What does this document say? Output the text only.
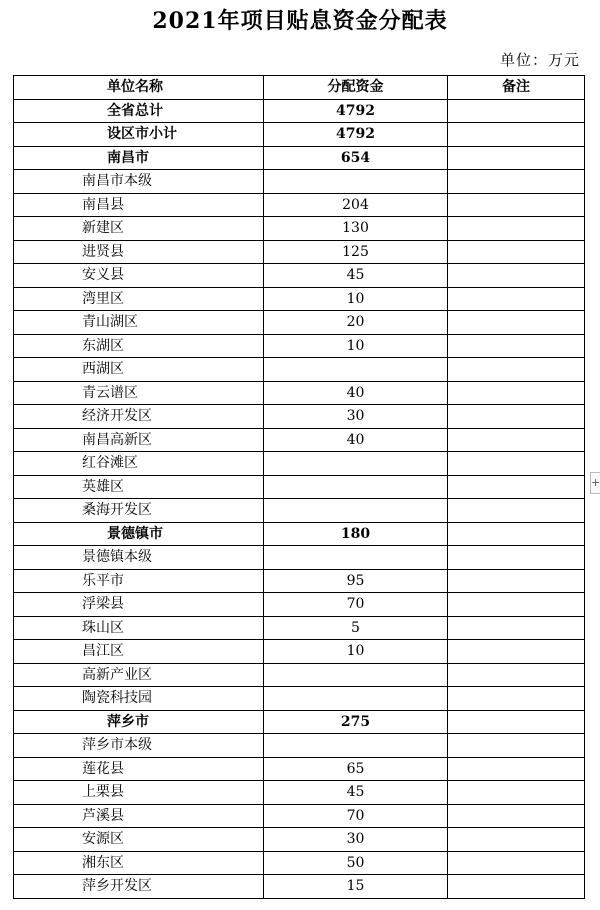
2021年项目贴息资金分配表
单位：万元
单位名称	分配资金	备注
全省总计	4792	
设区市小计	4792	
南昌市	654	
南昌市本级		
南昌县	204	
新建区	130	
进贤县	125	
安义县	45	
湾里区	10	
青山湖区	20	
东湖区	10	
西湖区		
青云谱区	40	
经济开发区	30	
南昌高新区	40	
红谷滩区		
英雄区		
桑海开发区		
景德镇市	180	
景德镇本级		
乐平市	95	
浮梁县	70	
珠山区	5	
昌江区	10	
高新产业区		
陶瓷科技园		
萍乡市	275	
萍乡市本级		
莲花县	65	
上栗县	45	
芦溪县	70	
安源区	30	
湘东区	50	
萍乡开发区	15	
+
